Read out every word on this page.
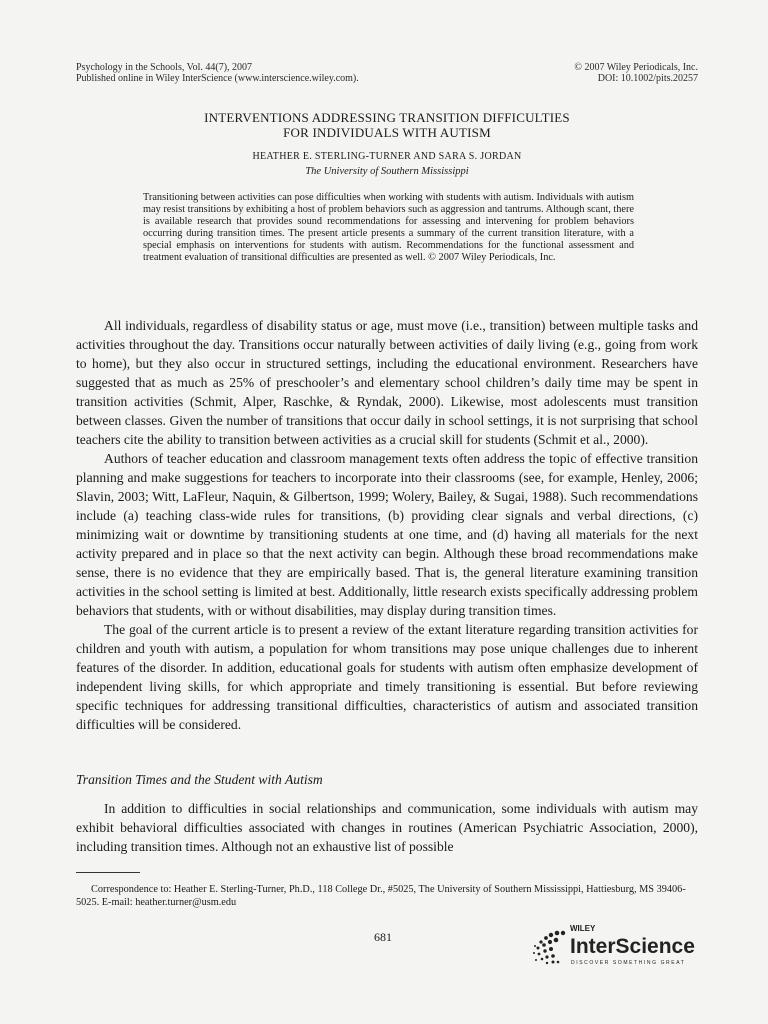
Psychology in the Schools, Vol. 44(7), 2007
Published online in Wiley InterScience (www.interscience.wiley.com).
© 2007 Wiley Periodicals, Inc.
DOI: 10.1002/pits.20257
INTERVENTIONS ADDRESSING TRANSITION DIFFICULTIES
FOR INDIVIDUALS WITH AUTISM
HEATHER E. STERLING-TURNER AND SARA S. JORDAN
The University of Southern Mississippi

Transitioning between activities can pose difficulties when working with students with autism. Individuals with autism may resist transitions by exhibiting a host of problem behaviors such as aggression and tantrums. Although scant, there is available research that provides sound recommendations for assessing and intervening for problem behaviors occurring during transition times. The present article presents a summary of the current transition literature, with a special emphasis on interventions for students with autism. Recommendations for the functional assessment and treatment evaluation of transitional difficulties are presented as well. © 2007 Wiley Periodicals, Inc.

All individuals, regardless of disability status or age, must move (i.e., transition) between multiple tasks and activities throughout the day. Transitions occur naturally between activities of daily living (e.g., going from work to home), but they also occur in structured settings, including the educational environment. Researchers have suggested that as much as 25% of preschooler’s and elementary school children’s daily time may be spent in transition activities (Schmit, Alper, Raschke, & Ryndak, 2000). Likewise, most adolescents must transition between classes. Given the number of transitions that occur daily in school settings, it is not surprising that school teachers cite the ability to transition between activities as a crucial skill for students (Schmit et al., 2000).

Authors of teacher education and classroom management texts often address the topic of effective transition planning and make suggestions for teachers to incorporate into their classrooms (see, for example, Henley, 2006; Slavin, 2003; Witt, LaFleur, Naquin, & Gilbertson, 1999; Wolery, Bailey, & Sugai, 1988). Such recommendations include (a) teaching class-wide rules for transitions, (b) providing clear signals and verbal directions, (c) minimizing wait or downtime by transitioning students at one time, and (d) having all materials for the next activity prepared and in place so that the next activity can begin. Although these broad recommendations make sense, there is no evidence that they are empirically based. That is, the general literature examining transition activities in the school setting is limited at best. Additionally, little research exists specifically addressing problem behaviors that students, with or without disabilities, may display during transition times.

The goal of the current article is to present a review of the extant literature regarding transition activities for children and youth with autism, a population for whom transitions may pose unique challenges due to inherent features of the disorder. In addition, educational goals for students with autism often emphasize development of independent living skills, for which appropriate and timely transitioning is essential. But before reviewing specific techniques for addressing transitional difficulties, characteristics of autism and associated transition difficulties will be considered.

Transition Times and the Student with Autism

In addition to difficulties in social relationships and communication, some individuals with autism may exhibit behavioral difficulties associated with changes in routines (American Psychiatric Association, 2000), including transition times. Although not an exhaustive list of possible

Correspondence to: Heather E. Sterling-Turner, Ph.D., 118 College Dr., #5025, The University of Southern Mississippi, Hattiesburg, MS 39406-5025. E-mail: heather.turner@usm.edu

681
WILEY
InterScience
DISCOVER SOMETHING GREAT
